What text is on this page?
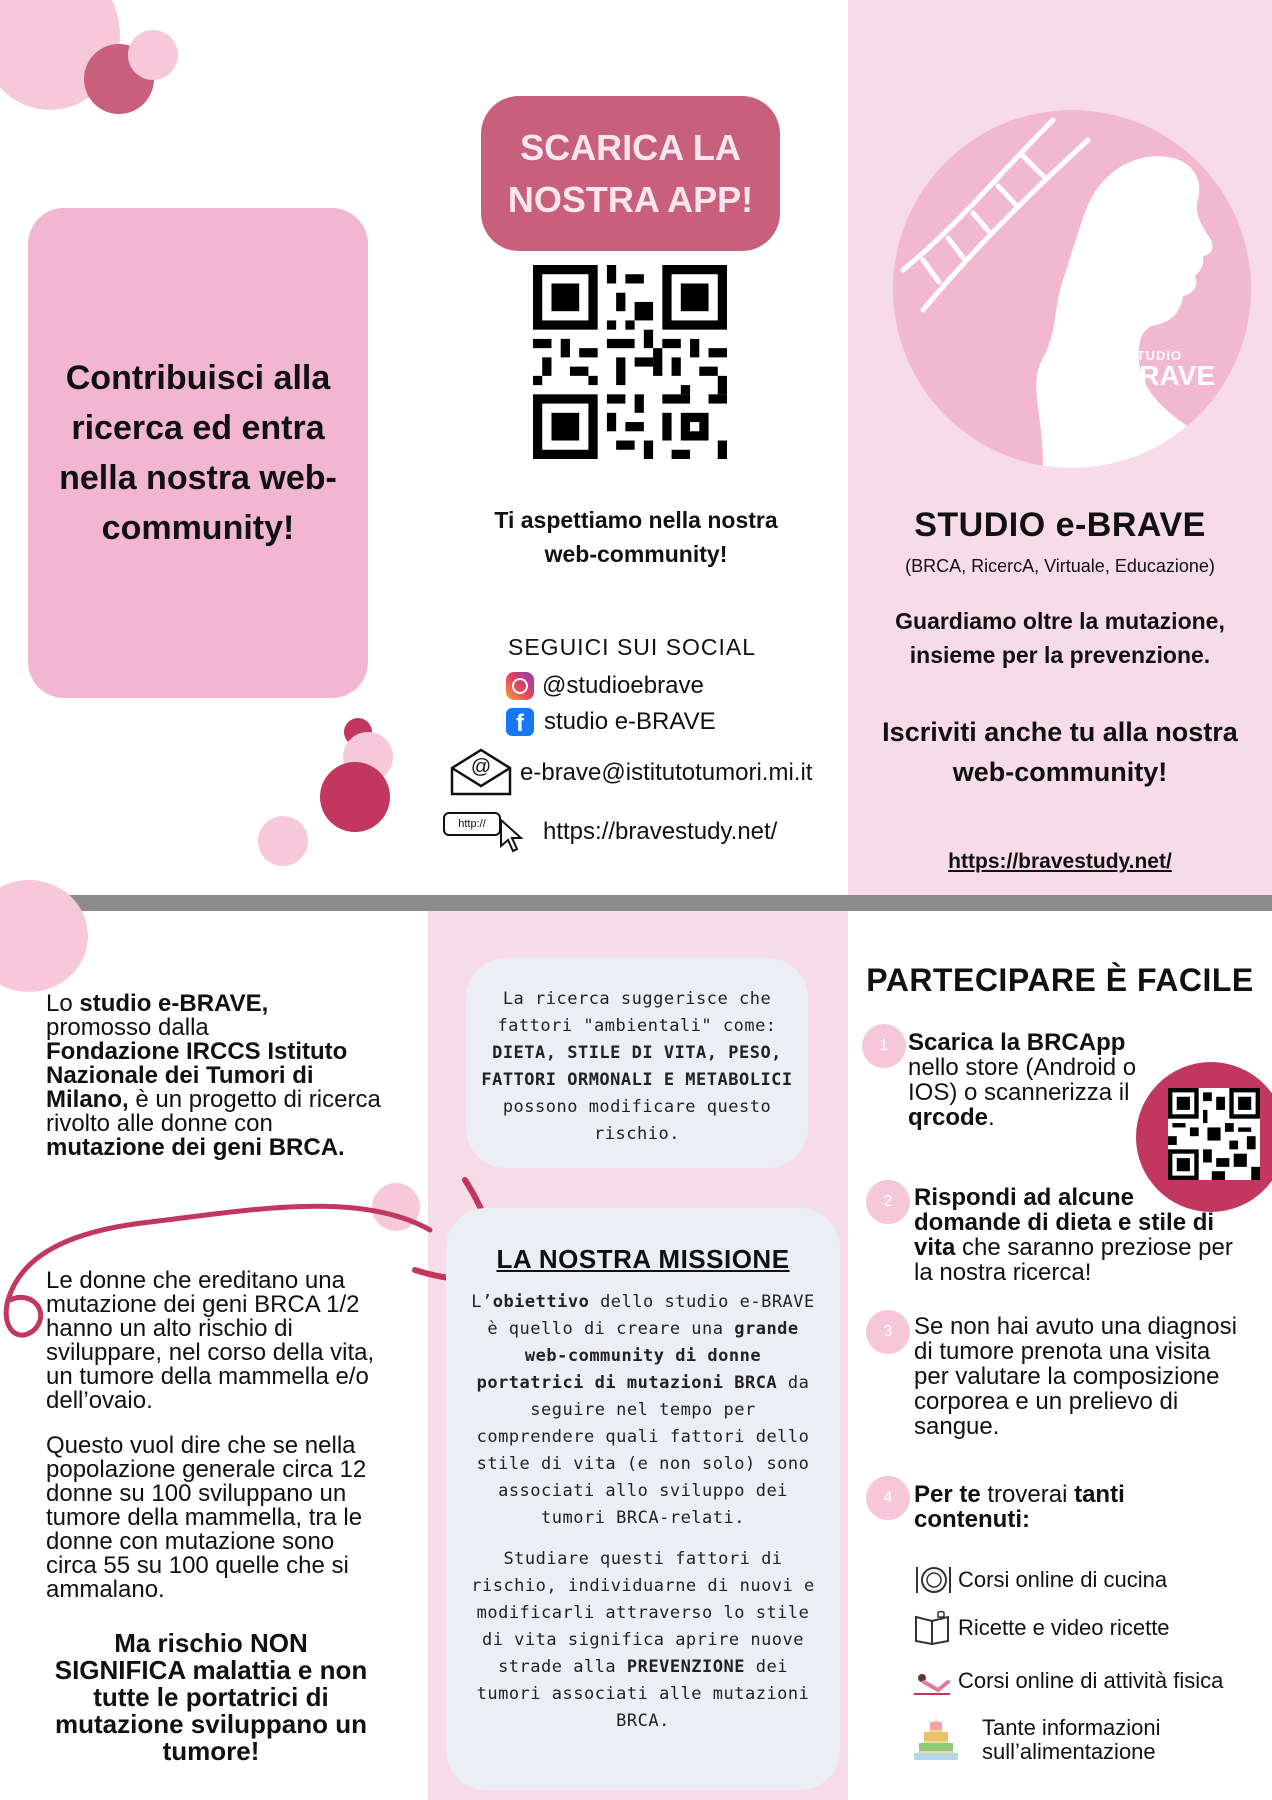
Contribuisci alla ricerca ed entra nella nostra web-community!
SCARICA LA NOSTRA APP!
Ti aspettiamo nella nostra
web-community!
SEGUICI SUI SOCIAL
@studioebrave
f studio e-BRAVE
@ e-brave@istitutotumori.mi.it
http://	https://bravestudy.net/
STUDIO
e-BRAVE
STUDIO e-BRAVE
(BRCA, RicercA, Virtuale, Educazione)
Guardiamo oltre la mutazione,
insieme per la prevenzione.
Iscriviti anche tu alla nostra
web-community!
https://bravestudy.net/
Lo studio e-BRAVE,
promosso dalla
Fondazione IRCCS Istituto Nazionale dei Tumori di Milano, è un progetto di ricerca rivolto alle donne con mutazione dei geni BRCA.
Le donne che ereditano una mutazione dei geni BRCA 1/2 hanno un alto rischio di sviluppare, nel corso della vita, un tumore della mammella e/o dell’ovaio.
Questo vuol dire che se nella popolazione generale circa 12 donne su 100 sviluppano un tumore della mammella, tra le donne con mutazione sono circa 55 su 100 quelle che si ammalano.
Ma rischio NON SIGNIFICA malattia e non tutte le portatrici di mutazione sviluppano un tumore!
La ricerca suggerisce che fattori "ambientali" come: DIETA, STILE DI VITA, PESO, FATTORI ORMONALI E METABOLICI possono modificare questo rischio.
LA NOSTRA MISSIONE
L’obiettivo dello studio e-BRAVE è quello di creare una grande web-community di donne portatrici di mutazioni BRCA da seguire nel tempo per comprendere quali fattori dello stile di vita (e non solo) sono associati allo sviluppo dei tumori BRCA-relati.
Studiare questi fattori di rischio, individuarne di nuovi e modificarli attraverso lo stile di vita significa aprire nuove strade alla PREVENZIONE dei tumori associati alle mutazioni BRCA.
PARTECIPARE È FACILE
1 Scarica la BRCApp nello store (Android o IOS) o scannerizza il qrcode.
2 Rispondi ad alcune domande di dieta e stile di vita che saranno preziose per la nostra ricerca!
3 Se non hai avuto una diagnosi di tumore prenota una visita per valutare la composizione corporea e un prelievo di sangue.
4 Per te troverai tanti contenuti:
Corsi online di cucina
Ricette e video ricette
Corsi online di attività fisica
Tante informazioni sull’alimentazione
